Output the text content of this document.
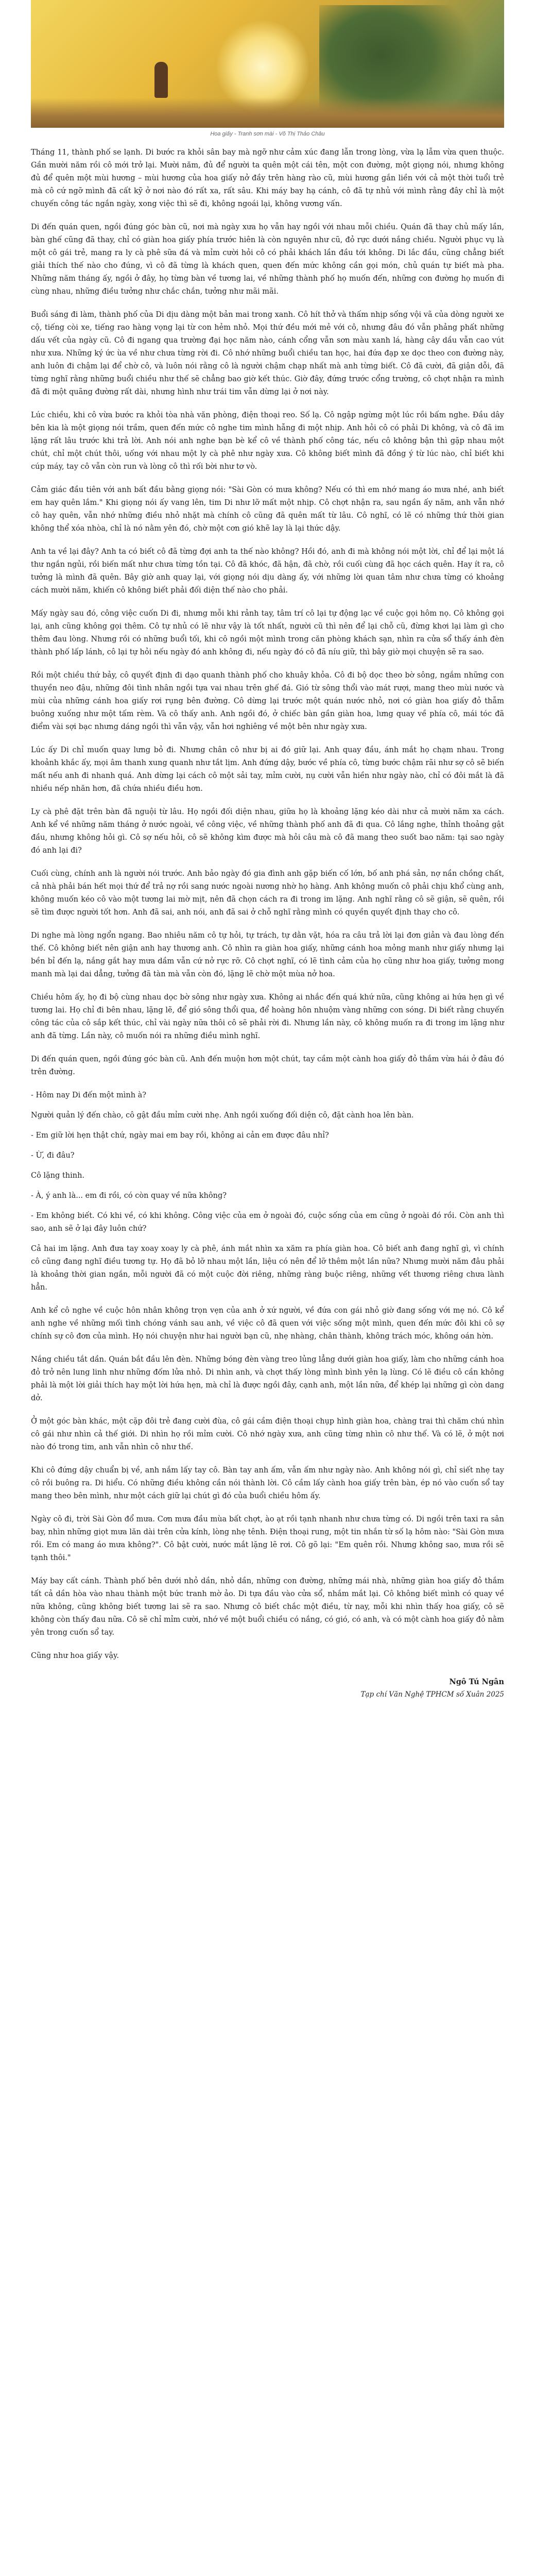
Hoa giấy - Tranh sơn mài - Võ Thị Thảo Châu

Tháng 11, thành phố se lạnh. Di bước ra khỏi sân bay mà ngỡ như cảm xúc đang lẫn trong lòng, vừa lạ lẫm vừa quen thuộc. Gần mười năm rồi cô mới trở lại. Mười năm, đủ để người ta quên một cái tên, một con đường, một giọng nói, nhưng không đủ để quên một mùi hương – mùi hương của hoa giấy nở đầy trên hàng rào cũ, mùi hương gắn liền với cả một thời tuổi trẻ mà cô cứ ngỡ mình đã cất kỹ ở nơi nào đó rất xa, rất sâu. Khi máy bay hạ cánh, cô đã tự nhủ với mình rằng đây chỉ là một chuyến công tác ngắn ngày, xong việc thì sẽ đi, không ngoái lại, không vương vấn.

Di đến quán quen, ngồi đúng góc bàn cũ, nơi mà ngày xưa họ vẫn hay ngồi với nhau mỗi chiều. Quán đã thay chủ mấy lần, bàn ghế cũng đã thay, chỉ có giàn hoa giấy phía trước hiên là còn nguyên như cũ, đỏ rực dưới nắng chiều. Người phục vụ là một cô gái trẻ, mang ra ly cà phê sữa đá và mỉm cười hỏi cô có phải khách lần đầu tới không. Di lắc đầu, cũng chẳng biết giải thích thế nào cho đúng, vì cô đã từng là khách quen, quen đến mức không cần gọi món, chủ quán tự biết mà pha. Những năm tháng ấy, ngồi ở đây, họ từng bàn về tương lai, về những thành phố họ muốn đến, những con đường họ muốn đi cùng nhau, những điều tưởng như chắc chắn, tưởng như mãi mãi.

Buổi sáng đi làm, thành phố của Di dịu dàng một bản mai trong xanh. Cô hít thở và thấm nhịp sống vội vã của dòng người xe cộ, tiếng còi xe, tiếng rao hàng vọng lại từ con hẻm nhỏ. Mọi thứ đều mới mẻ với cô, nhưng đâu đó vẫn phảng phất những dấu vết của ngày cũ. Cô đi ngang qua trường đại học năm nào, cánh cổng vẫn sơn màu xanh lá, hàng cây dầu vẫn cao vút như xưa. Những ký ức ùa về như chưa từng rời đi. Cô nhớ những buổi chiều tan học, hai đứa đạp xe dọc theo con đường này, anh luôn đi chậm lại để chờ cô, và luôn nói rằng cô là người chậm chạp nhất mà anh từng biết. Cô đã cười, đã giận dỗi, đã từng nghĩ rằng những buổi chiều như thế sẽ chẳng bao giờ kết thúc. Giờ đây, đứng trước cổng trường, cô chợt nhận ra mình đã đi một quãng đường rất dài, nhưng hình như trái tim vẫn dừng lại ở nơi này.

Lúc chiều, khi cô vừa bước ra khỏi tòa nhà văn phòng, điện thoại reo. Số lạ. Cô ngập ngừng một lúc rồi bấm nghe. Đầu dây bên kia là một giọng nói trầm, quen đến mức cô nghe tim mình hẫng đi một nhịp. Anh hỏi cô có phải Di không, và cô đã im lặng rất lâu trước khi trả lời. Anh nói anh nghe bạn bè kể cô về thành phố công tác, nếu cô không bận thì gặp nhau một chút, chỉ một chút thôi, uống với nhau một ly cà phê như ngày xưa. Cô không biết mình đã đồng ý từ lúc nào, chỉ biết khi cúp máy, tay cô vẫn còn run và lòng cô thì rối bời như tơ vò.

Cảm giác đầu tiên với anh bất đầu bằng giọng nói: "Sài Gòn có mưa không? Nếu có thì em nhớ mang áo mưa nhé, anh biết em hay quên lắm." Khi giọng nói ấy vang lên, tim Di như lỡ mất một nhịp. Cô chợt nhận ra, sau ngần ấy năm, anh vẫn nhớ cô hay quên, vẫn nhớ những điều nhỏ nhặt mà chính cô cũng đã quên mất từ lâu. Cô nghĩ, có lẽ có những thứ thời gian không thể xóa nhòa, chỉ là nó nằm yên đó, chờ một cơn gió khẽ lay là lại thức dậy.

Anh ta về lại đây? Anh ta có biết cô đã từng đợi anh ta thế nào không? Hồi đó, anh đi mà không nói một lời, chỉ để lại một lá thư ngắn ngủi, rồi biến mất như chưa từng tồn tại. Cô đã khóc, đã hận, đã chờ, rồi cuối cùng đã học cách quên. Hay ít ra, cô tưởng là mình đã quên. Bây giờ anh quay lại, với giọng nói dịu dàng ấy, với những lời quan tâm như chưa từng có khoảng cách mười năm, khiến cô không biết phải đối diện thế nào cho phải.

Mấy ngày sau đó, công việc cuốn Di đi, nhưng mỗi khi rảnh tay, tâm trí cô lại tự động lạc về cuộc gọi hôm nọ. Cô không gọi lại, anh cũng không gọi thêm. Cô tự nhủ có lẽ như vậy là tốt nhất, người cũ thì nên để lại chỗ cũ, đừng khơi lại làm gì cho thêm đau lòng. Nhưng rồi có những buổi tối, khi cô ngồi một mình trong căn phòng khách sạn, nhìn ra cửa sổ thấy ánh đèn thành phố lấp lánh, cô lại tự hỏi nếu ngày đó anh không đi, nếu ngày đó cô đã níu giữ, thì bây giờ mọi chuyện sẽ ra sao.

Rồi một chiều thứ bảy, cô quyết định đi dạo quanh thành phố cho khuây khỏa. Cô đi bộ dọc theo bờ sông, ngắm những con thuyền neo đậu, những đôi tình nhân ngồi tựa vai nhau trên ghế đá. Gió từ sông thổi vào mát rượi, mang theo mùi nước và mùi của những cánh hoa giấy rơi rụng bên đường. Cô dừng lại trước một quán nước nhỏ, nơi có giàn hoa giấy đỏ thẫm buông xuống như một tấm rèm. Và cô thấy anh. Anh ngồi đó, ở chiếc bàn gần giàn hoa, lưng quay về phía cô, mái tóc đã điểm vài sợi bạc nhưng dáng ngồi thì vẫn vậy, vẫn hơi nghiêng về một bên như ngày xưa.

Lúc ấy Di chỉ muốn quay lưng bỏ đi. Nhưng chân cô như bị ai đó giữ lại. Anh quay đầu, ánh mắt họ chạm nhau. Trong khoảnh khắc ấy, mọi âm thanh xung quanh như tắt lịm. Anh đứng dậy, bước về phía cô, từng bước chậm rãi như sợ cô sẽ biến mất nếu anh đi nhanh quá. Anh dừng lại cách cô một sải tay, mỉm cười, nụ cười vẫn hiền như ngày nào, chỉ có đôi mắt là đã nhiều nếp nhăn hơn, đã chứa nhiều điều hơn.

Ly cà phê đặt trên bàn đã nguội từ lâu. Họ ngồi đối diện nhau, giữa họ là khoảng lặng kéo dài như cả mười năm xa cách. Anh kể về những năm tháng ở nước ngoài, về công việc, về những thành phố anh đã đi qua. Cô lắng nghe, thỉnh thoảng gật đầu, nhưng không hỏi gì. Cô sợ nếu hỏi, cô sẽ không kìm được mà hỏi câu mà cô đã mang theo suốt bao năm: tại sao ngày đó anh lại đi?

Cuối cùng, chính anh là người nói trước. Anh bảo ngày đó gia đình anh gặp biến cố lớn, bố anh phá sản, nợ nần chồng chất, cả nhà phải bán hết mọi thứ để trả nợ rồi sang nước ngoài nương nhờ họ hàng. Anh không muốn cô phải chịu khổ cùng anh, không muốn kéo cô vào một tương lai mờ mịt, nên đã chọn cách ra đi trong im lặng. Anh nghĩ rằng cô sẽ giận, sẽ quên, rồi sẽ tìm được người tốt hơn. Anh đã sai, anh nói, anh đã sai ở chỗ nghĩ rằng mình có quyền quyết định thay cho cô.

Di nghe mà lòng ngổn ngang. Bao nhiêu năm cô tự hỏi, tự trách, tự dằn vặt, hóa ra câu trả lời lại đơn giản và đau lòng đến thế. Cô không biết nên giận anh hay thương anh. Cô nhìn ra giàn hoa giấy, những cánh hoa mỏng manh như giấy nhưng lại bền bỉ đến lạ, nắng gắt hay mưa dầm vẫn cứ nở rực rỡ. Cô chợt nghĩ, có lẽ tình cảm của họ cũng như hoa giấy, tưởng mong manh mà lại dai dẳng, tưởng đã tàn mà vẫn còn đó, lặng lẽ chờ một mùa nở hoa.

Chiều hôm ấy, họ đi bộ cùng nhau dọc bờ sông như ngày xưa. Không ai nhắc đến quá khứ nữa, cũng không ai hứa hẹn gì về tương lai. Họ chỉ đi bên nhau, lặng lẽ, để gió sông thổi qua, để hoàng hôn nhuộm vàng những con sóng. Di biết rằng chuyến công tác của cô sắp kết thúc, chỉ vài ngày nữa thôi cô sẽ phải rời đi. Nhưng lần này, cô không muốn ra đi trong im lặng như anh đã từng. Lần này, cô muốn nói ra những điều mình nghĩ.

Di đến quán quen, ngồi đúng góc bàn cũ. Anh đến muộn hơn một chút, tay cầm một cành hoa giấy đỏ thắm vừa hái ở đâu đó trên đường.

- Hôm nay Di đến một mình à?

Người quản lý đến chào, cô gật đầu mỉm cười nhẹ. Anh ngồi xuống đối diện cô, đặt cành hoa lên bàn.

- Em giữ lời hẹn thật chứ, ngày mai em bay rồi, không ai cản em được đâu nhỉ?

- Ừ, đi đâu?

Cô lặng thinh.

- À, ý anh là... em đi rồi, có còn quay về nữa không?

- Em không biết. Có khi về, có khi không. Công việc của em ở ngoài đó, cuộc sống của em cũng ở ngoài đó rồi. Còn anh thì sao, anh sẽ ở lại đây luôn chứ?

Cả hai im lặng. Anh đưa tay xoay xoay ly cà phê, ánh mắt nhìn xa xăm ra phía giàn hoa. Cô biết anh đang nghĩ gì, vì chính cô cũng đang nghĩ điều tương tự. Họ đã bỏ lỡ nhau một lần, liệu có nên để lỡ thêm một lần nữa? Nhưng mười năm đâu phải là khoảng thời gian ngắn, mỗi người đã có một cuộc đời riêng, những ràng buộc riêng, những vết thương riêng chưa lành hẳn.

Anh kể cô nghe về cuộc hôn nhân không trọn vẹn của anh ở xứ người, về đứa con gái nhỏ giờ đang sống với mẹ nó. Cô kể anh nghe về những mối tình chóng vánh sau anh, về việc cô đã quen với việc sống một mình, quen đến mức đôi khi cô sợ chính sự cô đơn của mình. Họ nói chuyện như hai người bạn cũ, nhẹ nhàng, chân thành, không trách móc, không oán hờn.

Nắng chiều tắt dần. Quán bắt đầu lên đèn. Những bóng đèn vàng treo lủng lẳng dưới giàn hoa giấy, làm cho những cánh hoa đỏ trở nên lung linh như những đốm lửa nhỏ. Di nhìn anh, và chợt thấy lòng mình bình yên lạ lùng. Có lẽ điều cô cần không phải là một lời giải thích hay một lời hứa hẹn, mà chỉ là được ngồi đây, cạnh anh, một lần nữa, để khép lại những gì còn dang dở.

Ở một góc bàn khác, một cặp đôi trẻ đang cười đùa, cô gái cầm điện thoại chụp hình giàn hoa, chàng trai thì chăm chú nhìn cô gái như nhìn cả thế giới. Di nhìn họ rồi mỉm cười. Cô nhớ ngày xưa, anh cũng từng nhìn cô như thế. Và có lẽ, ở một nơi nào đó trong tim, anh vẫn nhìn cô như thế.

Khi cô đứng dậy chuẩn bị về, anh nắm lấy tay cô. Bàn tay anh ấm, vẫn ấm như ngày nào. Anh không nói gì, chỉ siết nhẹ tay cô rồi buông ra. Di hiểu. Có những điều không cần nói thành lời. Cô cầm lấy cành hoa giấy trên bàn, ép nó vào cuốn sổ tay mang theo bên mình, như một cách giữ lại chút gì đó của buổi chiều hôm ấy.

Ngày cô đi, trời Sài Gòn đổ mưa. Cơn mưa đầu mùa bất chợt, ào ạt rồi tạnh nhanh như chưa từng có. Di ngồi trên taxi ra sân bay, nhìn những giọt mưa lăn dài trên cửa kính, lòng nhẹ tênh. Điện thoại rung, một tin nhắn từ số lạ hôm nào: "Sài Gòn mưa rồi. Em có mang áo mưa không?". Cô bật cười, nước mắt lặng lẽ rơi. Cô gõ lại: "Em quên rồi. Nhưng không sao, mưa rồi sẽ tạnh thôi."

Máy bay cất cánh. Thành phố bên dưới nhỏ dần, nhỏ dần, những con đường, những mái nhà, những giàn hoa giấy đỏ thắm tất cả dần hòa vào nhau thành một bức tranh mờ ảo. Di tựa đầu vào cửa sổ, nhắm mắt lại. Cô không biết mình có quay về nữa không, cũng không biết tương lai sẽ ra sao. Nhưng cô biết chắc một điều, từ nay, mỗi khi nhìn thấy hoa giấy, cô sẽ không còn thấy đau nữa. Cô sẽ chỉ mỉm cười, nhớ về một buổi chiều có nắng, có gió, có anh, và có một cành hoa giấy đỏ nằm yên trong cuốn sổ tay.

Cũng như hoa giấy vậy.

Ngô Tú Ngân
Tạp chí Văn Nghệ TPHCM số Xuân 2025
